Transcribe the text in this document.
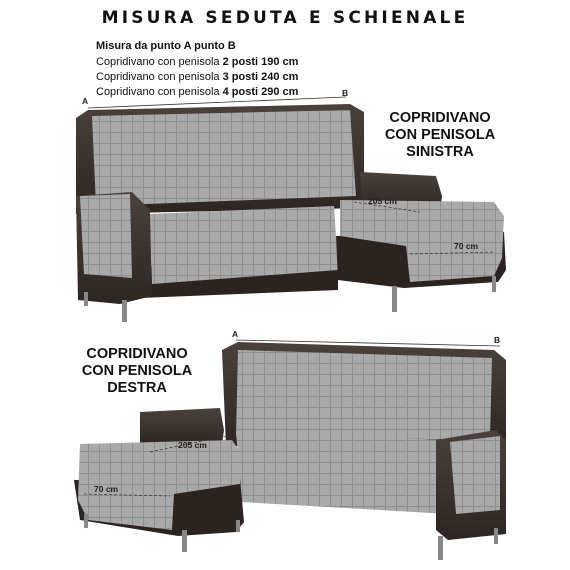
MISURA SEDUTA E SCHIENALE
Misura da punto A punto B
Copridivano con penisola 2 posti 190 cm
Copridivano con penisola 3 posti 240 cm
Copridivano con penisola 4 posti 290 cm
COPRIDIVANO
CON PENISOLA
SINISTRA
COPRIDIVANO
CON PENISOLA
DESTRA
A
B
205 cm
70 cm
A
B
205 cm
70 cm
